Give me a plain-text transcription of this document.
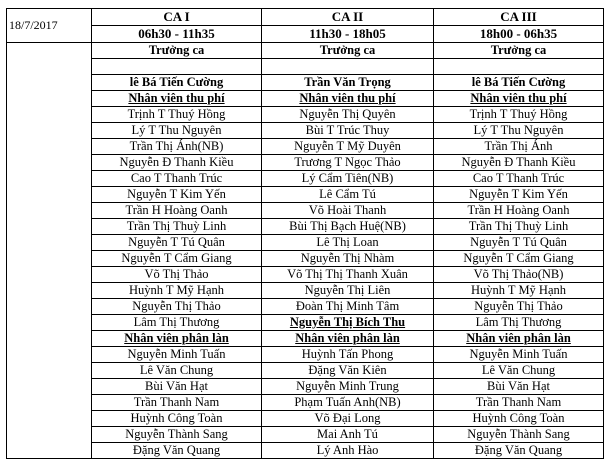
18/7/2017	CA I	CA II	CA III
	06h30 - 11h35	11h30 - 18h05	18h00 - 06h35
	Trưởng ca	Trưởng ca	Trưởng ca

	lê Bá Tiến Cường	Trần Văn Trọng	lê Bá Tiến Cường
	Nhân viên thu phí	Nhân viên thu phí	Nhân viên thu phí
	Trịnh T Thuý Hồng	Nguyễn Thị Quyên	Trịnh T Thuý Hồng
	Lý T Thu Nguyên	Bùi T Trúc Thuy	Lý T Thu Nguyên
	Trần Thị Ánh(NB)	Nguyễn T Mỹ Duyên	Trần Thị Ánh
	Nguyễn Đ Thanh Kiều	Trương T Ngọc Thảo	Nguyễn Đ Thanh Kiều
	Cao T Thanh Trúc	Lý Cẩm Tiên(NB)	Cao T Thanh Trúc
	Nguyễn T Kim Yến	Lê Cẩm Tú	Nguyễn T Kim Yến
	Trần H Hoàng Oanh	Võ Hoài Thanh	Trần H Hoàng Oanh
	Trần Thị Thuỳ Linh	Bùi Thị Bạch Huệ(NB)	Trần Thị Thuỳ Linh
	Nguyễn T Tú Quân	Lê Thị Loan	Nguyễn T Tú Quân
	Nguyễn T Cẩm Giang	Nguyễn Thị Nhàm	Nguyễn T Cẩm Giang
	Võ Thị Thảo	Võ Thị Thị Thanh Xuân	Võ Thị Thảo(NB)
	Huỳnh T Mỹ Hạnh	Nguyễn Thị Liên	Huỳnh T Mỹ Hạnh
	Nguyễn Thị Thảo	Đoàn Thị Minh Tâm	Nguyễn Thị Thảo
	Lâm Thị Thương	Nguyễn Thị Bích Thu	Lâm Thị Thương
	Nhân viên phân làn	Nhân viên phân làn	Nhân viên phân làn
	Nguyễn Minh Tuấn	Huỳnh Tấn Phong	Nguyễn Minh Tuấn
	Lê Văn Chung	Đặng Văn Kiên	Lê Văn Chung
	Bùi Văn Hạt	Nguyễn Minh Trung	Bùi Văn Hạt
	Trần Thanh Nam	Phạm Tuấn Anh(NB)	Trần Thanh Nam
	Huỳnh Công Toàn	Võ Đại Long	Huỳnh Công Toàn
	Nguyễn Thành Sang	Mai Anh Tú	Nguyễn Thành Sang
	Đặng Văn Quang	Lý Anh Hào	Đặng Văn Quang
